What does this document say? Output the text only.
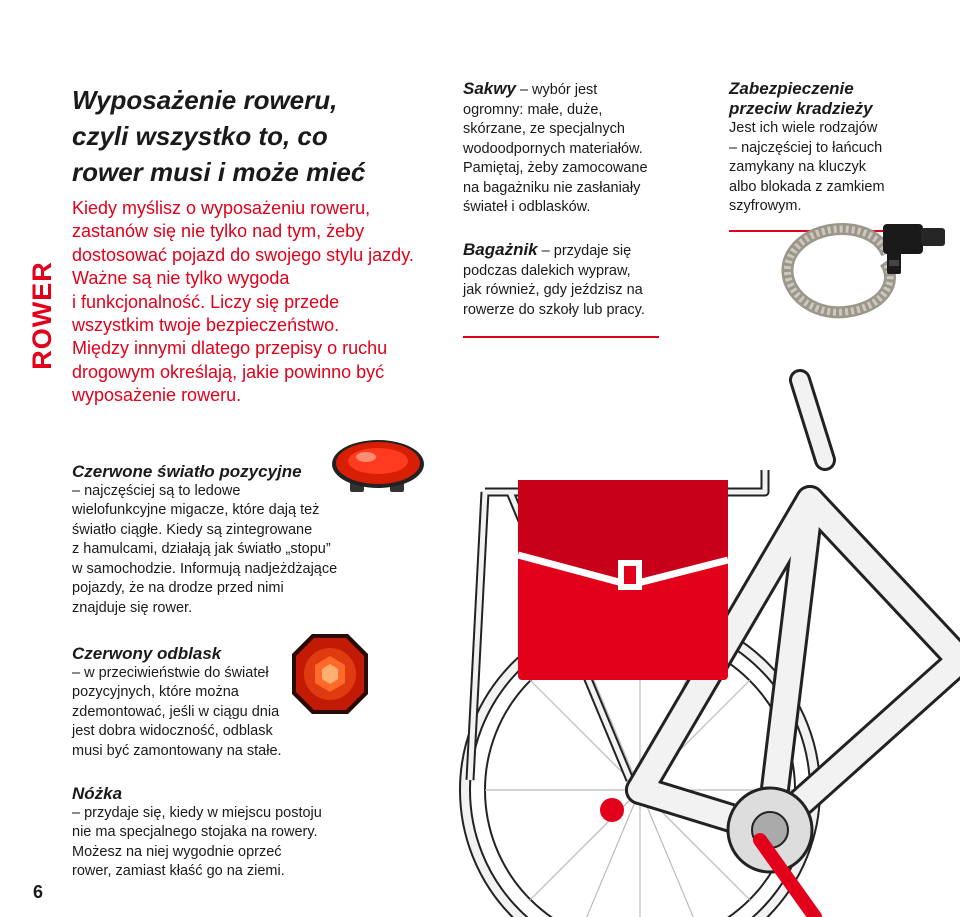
ROWER
6
Wyposażenie roweru,
czyli wszystko to, co
rower musi i może mieć
Kiedy myślisz o wyposażeniu roweru,
zastanów się nie tylko nad tym, żeby
dostosować pojazd do swojego stylu jazdy.
Ważne są nie tylko wygoda
i funkcjonalność. Liczy się przede
wszystkim twoje bezpieczeństwo.
Między innymi dlatego przepisy o ruchu
drogowym określają, jakie powinno być
wyposażenie roweru.
Sakwy – wybór jest
ogromny: małe, duże,
skórzane, ze specjalnych
wodoodpornych materiałów.
Pamiętaj, żeby zamocowane
na bagażniku nie zasłaniały
świateł i odblasków.
Bagażnik – przydaje się
podczas dalekich wypraw,
jak również, gdy jeździsz na
rowerze do szkoły lub pracy.
Zabezpieczenie
przeciw kradzieży
Jest ich wiele rodzajów
– najczęściej to łańcuch
zamykany na kluczyk
albo blokada z zamkiem
szyfrowym.
Czerwone światło pozycyjne
– najczęściej są to ledowe
wielofunkcyjne migacze, które dają też
światło ciągłe. Kiedy są zintegrowane
z hamulcami, działają jak światło „stopu”
w samochodzie. Informują nadjeżdżające
pojazdy, że na drodze przed nimi
znajduje się rower.
Czerwony odblask
– w przeciwieństwie do świateł
pozycyjnych, które można
zdemontować, jeśli w ciągu dnia
jest dobra widoczność, odblask
musi być zamontowany na stałe.
Nóżka
– przydaje się, kiedy w miejscu postoju
nie ma specjalnego stojaka na rowery.
Możesz na niej wygodnie oprzeć
rower, zamiast kłaść go na ziemi.
